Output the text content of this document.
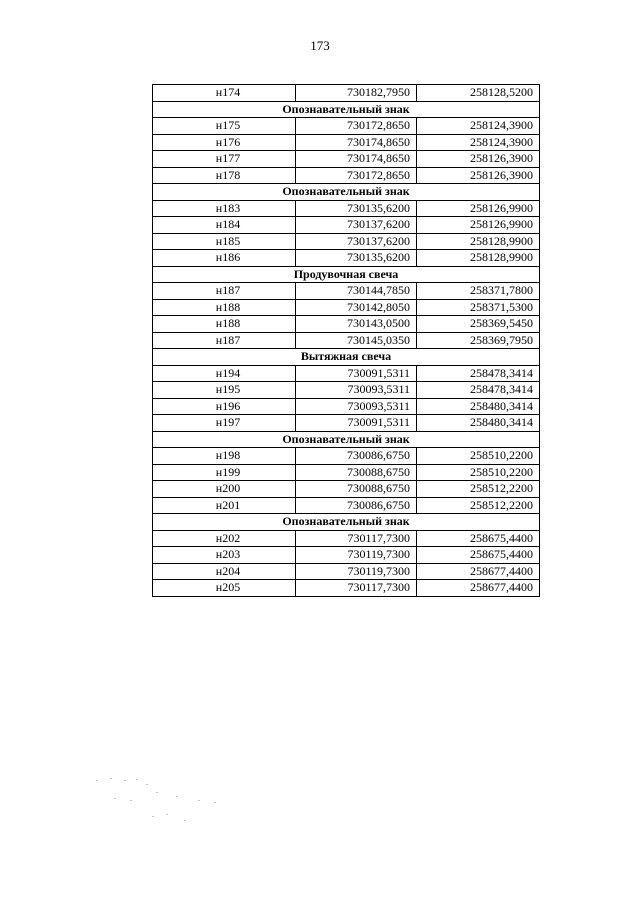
173
н174	730182,7950	258128,5200
Опознавательный знак		
н175	730172,8650	258124,3900
н176	730174,8650	258124,3900
н177	730174,8650	258126,3900
н178	730172,8650	258126,3900
Опознавательный знак		
н183	730135,6200	258126,9900
н184	730137,6200	258126,9900
н185	730137,6200	258128,9900
н186	730135,6200	258128,9900
Продувочная свеча		
н187	730144,7850	258371,7800
н188	730142,8050	258371,5300
н188	730143,0500	258369,5450
н187	730145,0350	258369,7950
Вытяжная свеча		
н194	730091,5311	258478,3414
н195	730093,5311	258478,3414
н196	730093,5311	258480,3414
н197	730091,5311	258480,3414
Опознавательный знак		
н198	730086,6750	258510,2200
н199	730088,6750	258510,2200
н200	730088,6750	258512,2200
н201	730086,6750	258512,2200
Опознавательный знак		
н202	730117,7300	258675,4400
н203	730119,7300	258675,4400
н204	730119,7300	258677,4400
н205	730117,7300	258677,4400
